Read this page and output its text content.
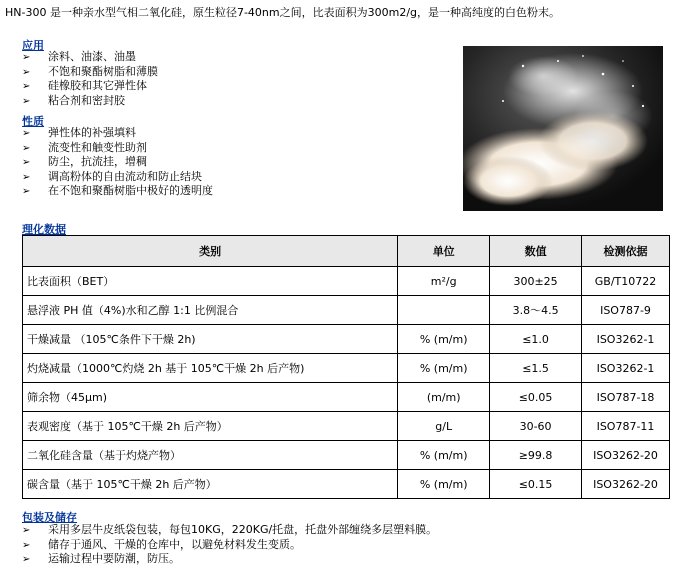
HN-300 是一种亲水型气相二氧化硅，原生粒径7-40nm之间，比表面积为300m2/g，是一种高纯度的白色粉末。
应用
➢ 涂料、油漆、油墨
➢ 不饱和聚酯树脂和薄膜
➢ 硅橡胶和其它弹性体
➢ 粘合剂和密封胶
性质
➢ 弹性体的补强填料
➢ 流变性和触变性助剂
➢ 防尘，抗流挂，增稠
➢ 调高粉体的自由流动和防止结块
➢ 在不饱和聚酯树脂中极好的透明度
理化数据
类别	单位	数值	检测依据
比表面积（BET）	m²/g	300±25	GB/T10722
悬浮液 PH 值（4%)水和乙醇 1:1 比例混合		3.8～4.5	ISO787-9
干燥减量 （105℃条件下干燥 2h)	% (m/m)	≤1.0	ISO3262-1
灼烧减量（1000℃灼烧 2h 基于 105℃干燥 2h 后产物)	% (m/m)	≤1.5	ISO3262-1
筛余物（45μm)	(m/m)	≤0.05	ISO787-18
表观密度（基于 105℃干燥 2h 后产物）	g/L	30-60	ISO787-11
二氧化硅含量（基于灼烧产物）	% (m/m)	≥99.8	ISO3262-20
碳含量（基于 105℃干燥 2h 后产物）	% (m/m)	≤0.15	ISO3262-20
包装及储存
➢ 采用多层牛皮纸袋包装，每包10KG，220KG/托盘，托盘外部缠绕多层塑料膜。
➢ 储存于通风、干燥的仓库中，以避免材料发生变质。
➢ 运输过程中要防潮，防压。
